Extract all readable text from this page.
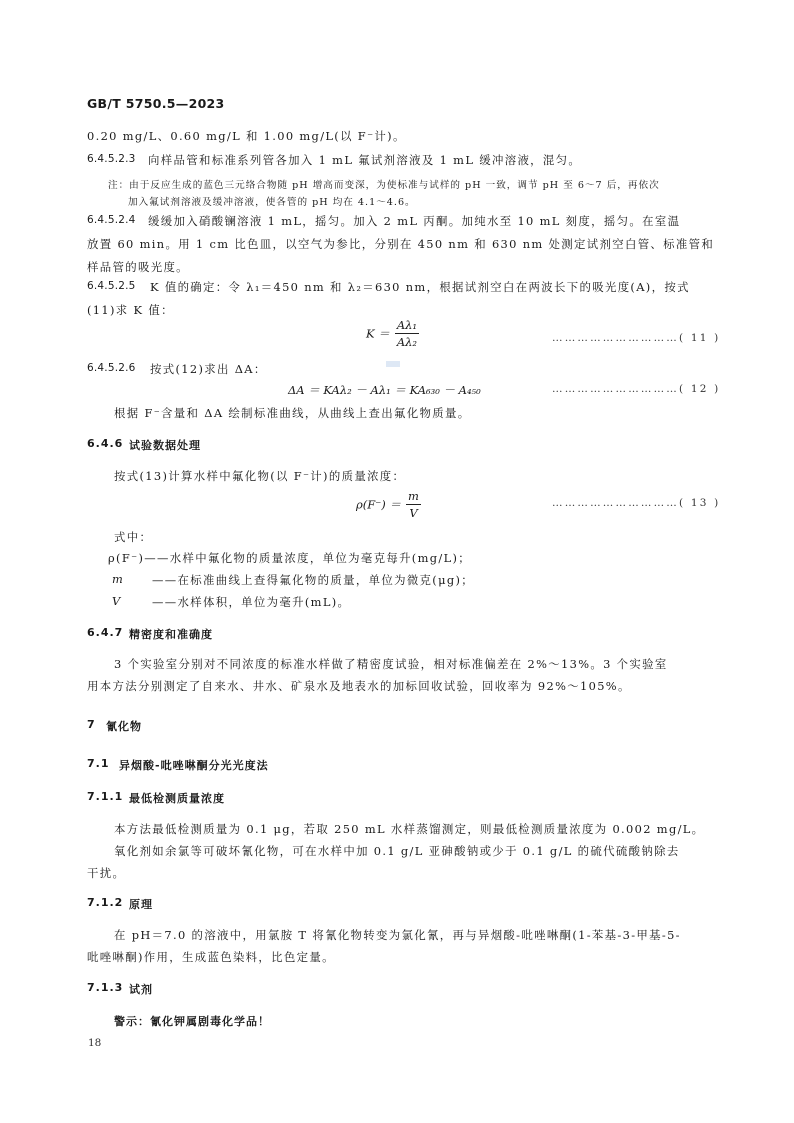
GB/T 5750.5—2023
0.20 mg/L、0.60 mg/L 和 1.00 mg/L(以 F⁻计)。
6.4.5.2.3 向样品管和标准系列管各加入 1 mL 氟试剂溶液及 1 mL 缓冲溶液，混匀。
注：由于反应生成的蓝色三元络合物随 pH 增高而变深，为使标准与试样的 pH 一致，调节 pH 至 6～7 后，再依次
加入氟试剂溶液及缓冲溶液，使各管的 pH 均在 4.1～4.6。
6.4.5.2.4 缓缓加入硝酸镧溶液 1 mL，摇匀。加入 2 mL 丙酮。加纯水至 10 mL 刻度，摇匀。在室温
放置 60 min。用 1 cm 比色皿，以空气为参比，分别在 450 nm 和 630 nm 处测定试剂空白管、标准管和
样品管的吸光度。
6.4.5.2.5 K 值的确定：令 λ₁＝450 nm 和 λ₂＝630 nm，根据试剂空白在两波长下的吸光度(A)，按式
(11)求 K 值：
$K = \frac{\text{Aλ₁}}{\text{Aλ₂}}$	…………………………( 11 )
6.4.5.2.6 按式(12)求出 ΔA：
ΔA ＝ KAλ₂ － Aλ₁ ＝ KA₆₃₀ － A₄₅₀	…………………………( 12 )
根据 F⁻含量和 ΔA 绘制标准曲线，从曲线上查出氟化物质量。
6.4.6 试验数据处理
按式(13)计算水样中氟化物(以 F⁻计)的质量浓度：
$\rho(F^-) = \frac{m}{V}$	…………………………( 13 )
式中：
ρ(F⁻)——水样中氟化物的质量浓度，单位为毫克每升(mg/L)；
m ——在标准曲线上查得氟化物的质量，单位为微克(μg)；
V	——水样体积，单位为毫升(mL)。
6.4.7 精密度和准确度
3 个实验室分别对不同浓度的标准水样做了精密度试验，相对标准偏差在 2%～13%。3 个实验室
用本方法分别测定了自来水、井水、矿泉水及地表水的加标回收试验，回收率为 92%～105%。
7 氰化物
7.1 异烟酸-吡唑啉酮分光光度法
7.1.1 最低检测质量浓度
本方法最低检测质量为 0.1 μg，若取 250 mL 水样蒸馏测定，则最低检测质量浓度为 0.002 mg/L。
氧化剂如余氯等可破坏氰化物，可在水样中加 0.1 g/L 亚砷酸钠或少于 0.1 g/L 的硫代硫酸钠除去
干扰。
7.1.2 原理
在 pH＝7.0 的溶液中，用氯胺 T 将氰化物转变为氯化氰，再与异烟酸-吡唑啉酮(1-苯基-3-甲基-5-
吡唑啉酮)作用，生成蓝色染料，比色定量。
7.1.3 试剂
警示：氰化钾属剧毒化学品！
18
